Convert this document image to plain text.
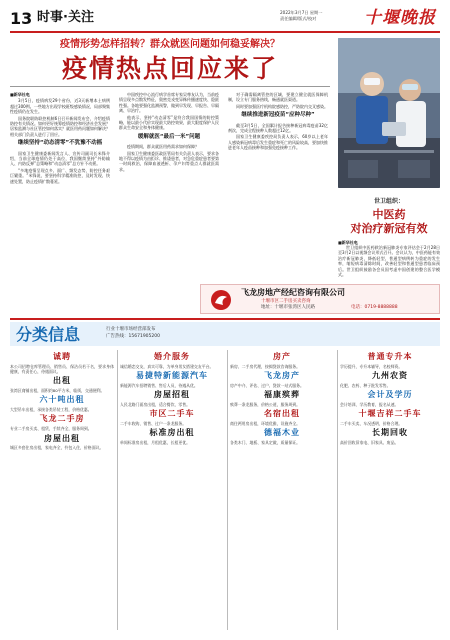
13 时事·关注	2022年3月7日 星期一
责任编辑/版式/校对	十堰晚报
疫情形势怎样招转？群众就医问题如何稳妥解决？
疫情热点回应来了

■新华社电

3月5日，疫情病发29个省份，近3天新增本土病例超过300例。一些地方出现学校班级感染情况，局部聚集性疫情仍在发生。

国务院联防联控机制6日召开新闻发布会，介绍疫情防控有关情况。如何更好统筹疫情防控和经济社会发展？居家监测与社区管控如何落实？就医用药问题如何解决？相关部门负责人进行了回应。

继续坚持“动态清零”不犹豫不动摇

国家卫生健康委新闻发言人、宣传司副司长米锋介绍，当前全球疫情仍处于高位，我国继续坚持“外防输入、内防反弹”总策略和“动态清零”总方针不动摇。

“多地疫情呈现点多、面广、频发态势，防控任务艰巨繁重。”米锋说，要坚持科学精准防控，及时发现、快速处置，防止疫情扩散蔓延。

中国疾控中心流行病学首席专家吴尊友认为，当前疫情呈现多点散发特征，奥密克戎变异株传播速度快、隐匿性强。各地要强化监测预警，做到早发现、早报告、早隔离、早治疗。

他表示，坚持“动态清零”是符合我国国情的防控策略，能以最小代价实现最大防控效果，最大限度保护人民群众生命安全和身体健康。

缓解就医“最后一米”问题

疫情期间，群众就医用药需求如何保障？

国家卫生健康委医政医管局有关负责人表示，要求各地不得以疫情为由拒诊、推诿患者，对急危重症患者要第一时间救治，保障血液透析、孕产妇等重点人群就医需求。

对于确需隔离管控的区域，要建立健全就医保障机制，设立专门服务热线，畅通就医渠道。

同时要加强医疗机构院感防控，严防院内交叉感染。

继续推进新冠疫苗“应种尽种”

截至3月5日，全国累计报告接种新冠病毒疫苗32亿剂次，完成全程接种人数超过12亿。

国家卫生健康委疾控局负责人表示，60岁以上老年人感染新冠病毒后发生重症和死亡的风险较高，要加快推进老年人疫苗接种和加强免疫接种工作。

世卫组织：
中医药
对治疗新冠有效

■新华社电

世卫组织中医药救治新冠肺炎专家评估会于2月28日至3月2日以视频会议形式召开。会议认为，中医药能有效治疗新冠肺炎，降低轻型、普通型病例转为重症的发生率，缩短病毒清除时间，改善轻型和普通型患者临床预后。世卫组织鼓励各会员国考虑中国创建的整合医学模式。

飞龙房地产经纪咨询有限公司
十堰市区二手房买卖咨询
地址：十堰市张湾区人民路	电话：0719-8888888
分类信息	行业十堰市场经营部发布
广告热线：15671905200
诚聘
本公司招聘仓库管理员、销售员、保洁员若干名，要求身体健康，有责任心，待遇面议。
出租
张湾区商铺出租，面积约80平方米，临街，交通便利。
六十吨出租
大型吊车出租，承接各类吊装工程，价格优惠。
飞龙二手房
专业二手房买卖、租赁，手续齐全，服务周到。
房屋出租
城区多套住房出租，家电齐全，拎包入住，价格面议。
婚介服务
诚信婚恋交友，真实可靠，为单身男女搭建交友平台。
易捷特新能源汽车
新能源汽车招聘销售、售后人员，待遇从优。
房屋招租
人民北路门面房出租，适合餐饮、零售。
市区二手车
二手车收购、销售、过户一条龙服务。
标准房出租
单间标准房出租，月租优惠，长租更优。
房产
新房、二手房代理，按揭贷款咨询服务。
飞龙房产
房产中介、评估、过户、贷款一站式服务。
福康殡葬
殡葬一条龙服务，价格公道，服务周到。
名宿出租
商住两用房出租，环境优雅，设施齐全。
德福木业
各类木门、地板、家具定做，质量保证。
普通专升本
学历提升，专升本辅导，名校师资。
九州农资
化肥、农药、种子批发零售。
会计及学历
会计培训、学历教育，报名从速。
十堰吉祥二手车
二手车买卖，车况透明，价格合理。
长期回收
高价回收旧家电、旧家具、废品。
